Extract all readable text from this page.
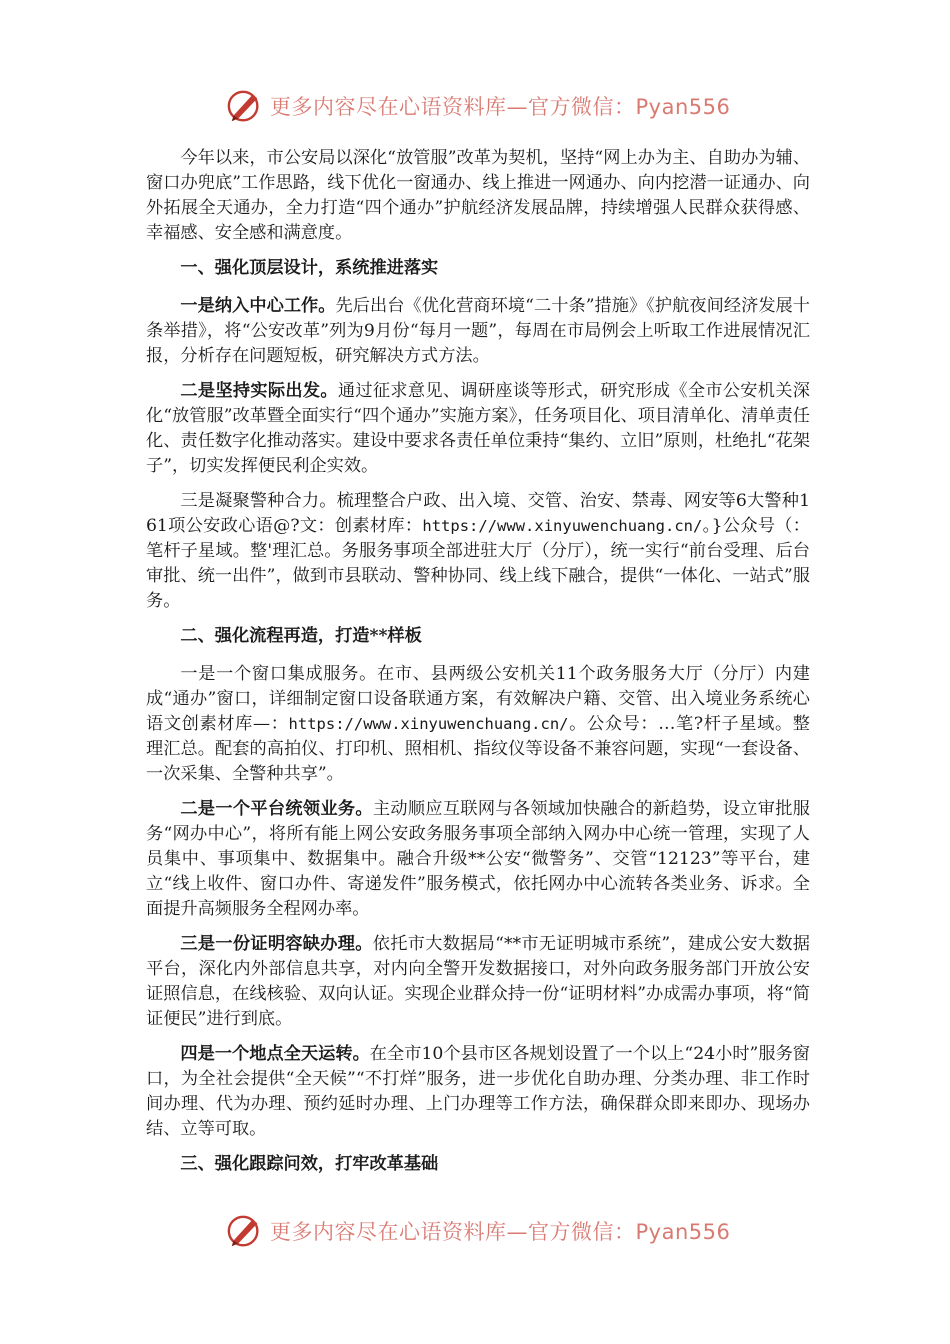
更多内容尽在心语资料库—官方微信：Pyan556

今年以来，市公安局以深化“放管服”改革为契机，坚持“网上办为主、自助办为辅、窗口办兜底”工作思路，线下优化一窗通办、线上推进一网通办、向内挖潜一证通办、向外拓展全天通办，全力打造“四个通办”护航经济发展品牌，持续增强人民群众获得感、幸福感、安全感和满意度。

一、强化顶层设计，系统推进落实

一是纳入中心工作。先后出台《优化营商环境“二十条”措施》《护航夜间经济发展十条举措》，将“公安改革”列为9月份“每月一题”，每周在市局例会上听取工作进展情况汇报，分析存在问题短板，研究解决方式方法。

二是坚持实际出发。通过征求意见、调研座谈等形式，研究形成《全市公安机关深化“放管服”改革暨全面实行“四个通办”实施方案》，任务项目化、项目清单化、清单责任化、责任数字化推动落实。建设中要求各责任单位秉持“集约、立旧”原则，杜绝扎“花架子”，切实发挥便民利企实效。

三是凝聚警种合力。梳理整合户政、出入境、交管、治安、禁毒、网安等6大警种161项公安政心语@?文：创素材库：https://www.xinyuwenchuang.cn/。}公众号（：笔杆子星域。整'理汇总。务服务事项全部进驻大厅（分厅），统一实行“前台受理、后台审批、统一出件”，做到市县联动、警种协同、线上线下融合，提供“一体化、一站式”服务。

二、强化流程再造，打造**样板

一是一个窗口集成服务。在市、县两级公安机关11个政务服务大厅（分厅）内建成“通办”窗口，详细制定窗口设备联通方案，有效解决户籍、交管、出入境业务系统心语文创素材库—：https://www.xinyuwenchuang.cn/。公众号：…笔?杆子星域。整理汇总。配套的高拍仪、打印机、照相机、指纹仪等设备不兼容问题，实现“一套设备、一次采集、全警种共享”。

二是一个平台统领业务。主动顺应互联网与各领域加快融合的新趋势，设立审批服务“网办中心”，将所有能上网公安政务服务事项全部纳入网办中心统一管理，实现了人员集中、事项集中、数据集中。融合升级**公安“微警务”、交管“12123”等平台，建立“线上收件、窗口办件、寄递发件”服务模式，依托网办中心流转各类业务、诉求。全面提升高频服务全程网办率。

三是一份证明容缺办理。依托市大数据局“**市无证明城市系统”，建成公安大数据平台，深化内外部信息共享，对内向全警开发数据接口，对外向政务服务部门开放公安证照信息，在线核验、双向认证。实现企业群众持一份“证明材料”办成需办事项，将“简证便民”进行到底。

四是一个地点全天运转。在全市10个县市区各规划设置了一个以上“24小时”服务窗口，为全社会提供“全天候”“不打烊”服务，进一步优化自助办理、分类办理、非工作时间办理、代为办理、预约延时办理、上门办理等工作方法，确保群众即来即办、现场办结、立等可取。

三、强化跟踪问效，打牢改革基础

更多内容尽在心语资料库—官方微信：Pyan556
